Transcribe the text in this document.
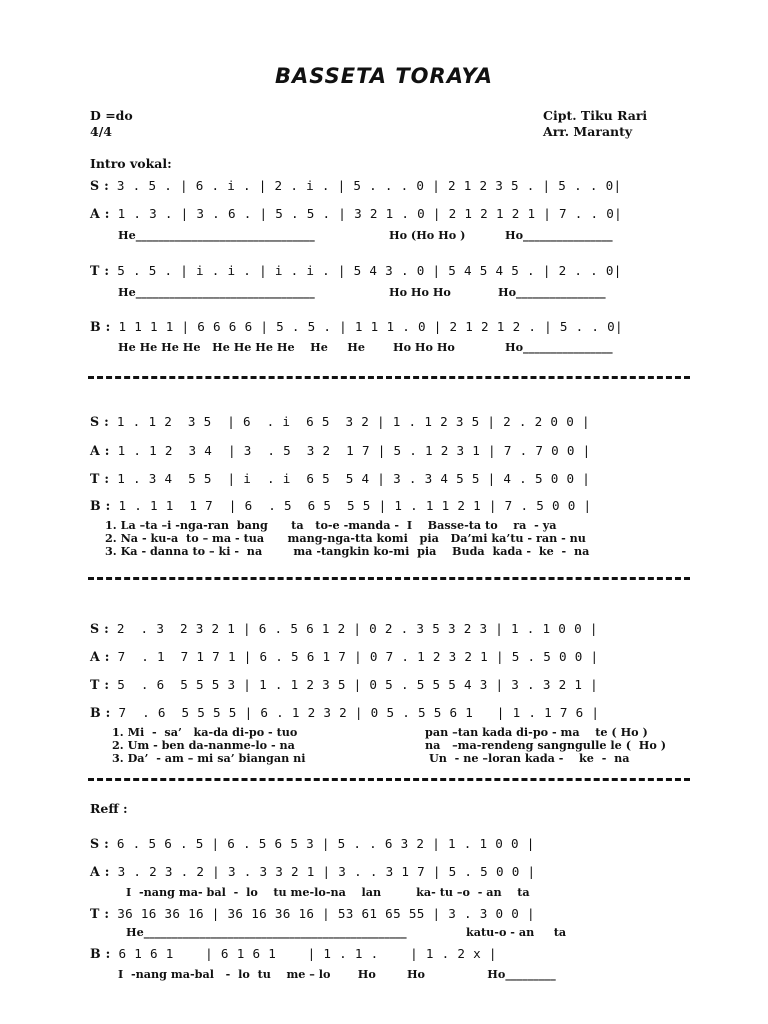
BASSETA TORAYA
D =do
4/4
Cipt. Tiku Rari
Arr. Maranty
Intro vokal:
S : 3 . 5 . | 6 . i . | 2 . i . | 5 . . . 0 | 2 1 2 3 5 . | 5 . . 0|
A : 1 . 3 . | 3 . 6 . | 5 . 5 . | 3 2 1 . 0 | 2 1 2 1 2 1 | 7 . . 0|
He________________________________	Ho (Ho Ho )	Ho________________
T : 5 . 5 . | i . i . | i . i . | 5 4 3 . 0 | 5 4 5 4 5 . | 2 . . 0|
He________________________________	Ho Ho Ho	Ho________________
B : 1 1 1 1 | 6 6 6 6 | 5 . 5 . | 1 1 1 . 0 | 2 1 2 1 2 . | 5 . . 0|
He He He He   He He He He    He     He	Ho Ho Ho	Ho________________
S : 1 . 1 2  3 5  | 6  . i  6 5  3 2 | 1 . 1 2 3 5 | 2 . 2 0 0 |
A : 1 . 1 2  3 4  | 3  . 5  3 2  1 7 | 5 . 1 2 3 1 | 7 . 7 0 0 |
T : 1 . 3 4  5 5  | i  . i  6 5  5 4 | 3 . 3 4 5 5 | 4 . 5 0 0 |
B : 1 . 1 1  1 7  | 6  . 5  6 5  5 5 | 1 . 1 1 2 1 | 7 . 5 0 0 |
1. La –ta –i -nga-ran  bang      ta   to-e -manda -  I    Basse-ta to    ra  - ya
2. Na - ku-a  to – ma - tua      mang-nga-tta komi   pia   Da’mi ka’tu - ran - nu
3. Ka - danna to – ki -  na        ma -tangkin ko-mi  pia    Buda  kada -  ke  -  na
S : 2  . 3  2 3 2 1 | 6 . 5 6 1 2 | 0 2 . 3 5 3 2 3 | 1 . 1 0 0 |
A : 7  . 1  7 1 7 1 | 6 . 5 6 1 7 | 0 7 . 1 2 3 2 1 | 5 . 5 0 0 |
T : 5  . 6  5 5 5 3 | 1 . 1 2 3 5 | 0 5 . 5 5 5 4 3 | 3 . 3 2 1 |
B : 7  . 6  5 5 5 5 | 6 . 1 2 3 2 | 0 5 . 5 5 6 1   | 1 . 1 7 6 |
1. Mi  -  sa’   ka-da di-po - tuo	pan –tan kada di-po - ma    te ( Ho )
2. Um - ben da-nanme-lo - na	na   –ma-rendeng sangngulle le (  Ho )
3. Da’  - am – mi sa’ biangan ni	Un  - ne –loran kada -    ke  -  na
Reff :
S : 6 . 5 6 . 5 | 6 . 5 6 5 3 | 5 . . 6 3 2 | 1 . 1 0 0 |
A : 3 . 2 3 . 2 | 3 . 3 3 2 1 | 3 . . 3 1 7 | 5 . 5 0 0 |
I  -nang ma- bal  -  lo    tu me-lo-na    lan         ka- tu –o  - an    ta
T : 36 16 36 16 | 36 16 36 16 | 53 61 65 55 | 3 . 3 0 0 |
He_______________________________________________	katu-o - an     ta
B : 6 1 6 1    | 6 1 6 1    | 1 . 1 .    | 1 . 2 x |
I  -nang ma-bal   -  lo  tu    me – lo       Ho        Ho                Ho_________
